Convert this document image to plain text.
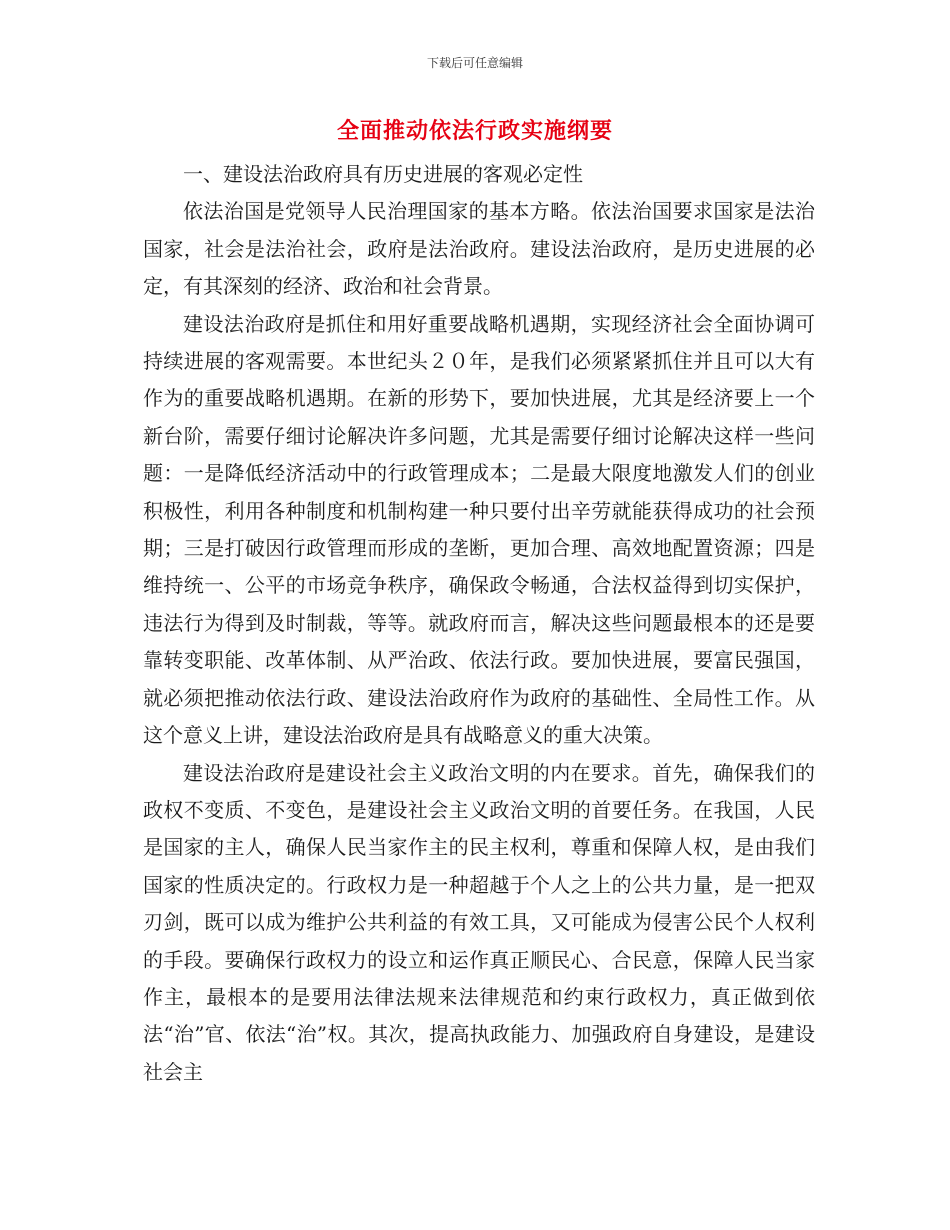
下载后可任意编辑
全面推动依法行政实施纲要

一、建设法治政府具有历史进展的客观必定性

依法治国是党领导人民治理国家的基本方略。依法治国要求国家是法治国家，社会是法治社会，政府是法治政府。建设法治政府，是历史进展的必定，有其深刻的经济、政治和社会背景。

建设法治政府是抓住和用好重要战略机遇期，实现经济社会全面协调可持续进展的客观需要。本世纪头２０年，是我们必须紧紧抓住并且可以大有作为的重要战略机遇期。在新的形势下，要加快进展，尤其是经济要上一个新台阶，需要仔细讨论解决许多问题，尤其是需要仔细讨论解决这样一些问题：一是降低经济活动中的行政管理成本；二是最大限度地激发人们的创业积极性，利用各种制度和机制构建一种只要付出辛劳就能获得成功的社会预期；三是打破因行政管理而形成的垄断，更加合理、高效地配置资源；四是维持统一、公平的市场竞争秩序，确保政令畅通，合法权益得到切实保护，违法行为得到及时制裁，等等。就政府而言，解决这些问题最根本的还是要靠转变职能、改革体制、从严治政、依法行政。要加快进展，要富民强国，就必须把推动依法行政、建设法治政府作为政府的基础性、全局性工作。从这个意义上讲，建设法治政府是具有战略意义的重大决策。

建设法治政府是建设社会主义政治文明的内在要求。首先，确保我们的政权不变质、不变色，是建设社会主义政治文明的首要任务。在我国，人民是国家的主人，确保人民当家作主的民主权利，尊重和保障人权，是由我们国家的性质决定的。行政权力是一种超越于个人之上的公共力量，是一把双刃剑，既可以成为维护公共利益的有效工具，又可能成为侵害公民个人权利的手段。要确保行政权力的设立和运作真正顺民心、合民意，保障人民当家作主，最根本的是要用法律法规来法律规范和约束行政权力，真正做到依法“治”官、依法“治”权。其次，提高执政能力、加强政府自身建设，是建设社会主
